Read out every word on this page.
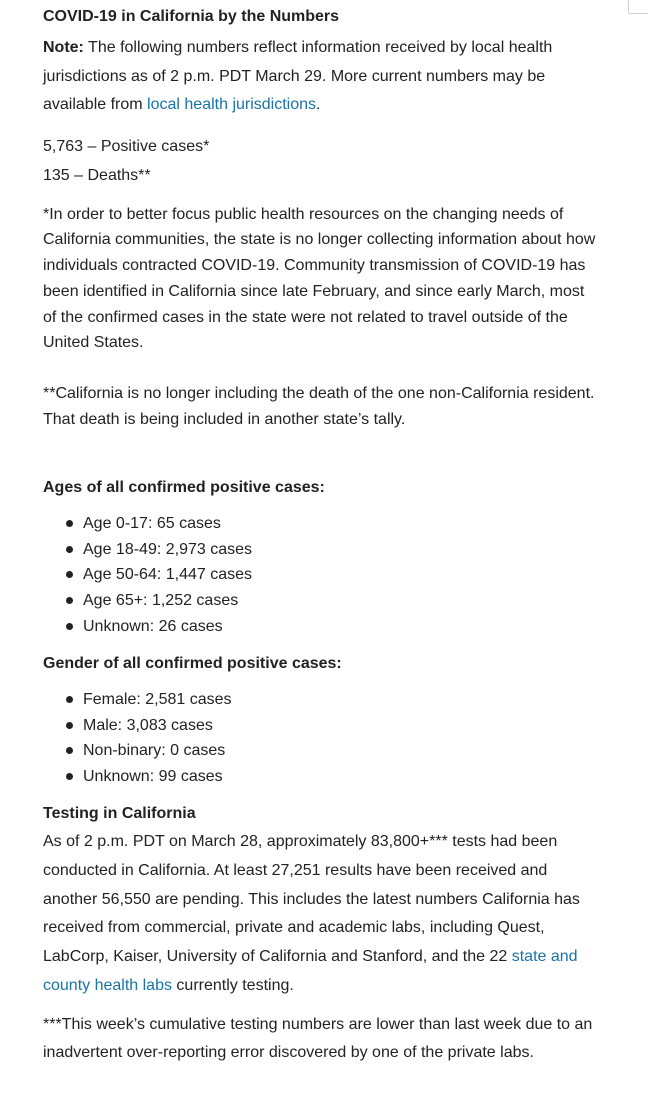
COVID-19 in California by the Numbers

Note: The following numbers reflect information received by local health jurisdictions as of 2 p.m. PDT March 29. More current numbers may be available from local health jurisdictions.

5,763 – Positive cases*

135 – Deaths**

*In order to better focus public health resources on the changing needs of California communities, the state is no longer collecting information about how individuals contracted COVID-19. Community transmission of COVID-19 has been identified in California since late February, and since early March, most of the confirmed cases in the state were not related to travel outside of the United States.

**California is no longer including the death of the one non-California resident. That death is being included in another state’s tally.

Ages of all confirmed positive cases:
Age 0-17: 65 cases
Age 18-49: 2,973 cases
Age 50-64: 1,447 cases
Age 65+: 1,252 cases
Unknown: 26 cases
Gender of all confirmed positive cases:
Female: 2,581 cases
Male: 3,083 cases
Non-binary: 0 cases
Unknown: 99 cases
Testing in California

As of 2 p.m. PDT on March 28, approximately 83,800+*** tests had been conducted in California. At least 27,251 results have been received and another 56,550 are pending. This includes the latest numbers California has received from commercial, private and academic labs, including Quest, LabCorp, Kaiser, University of California and Stanford, and the 22 state and county health labs currently testing.

***This week’s cumulative testing numbers are lower than last week due to an inadvertent over-reporting error discovered by one of the private labs.
